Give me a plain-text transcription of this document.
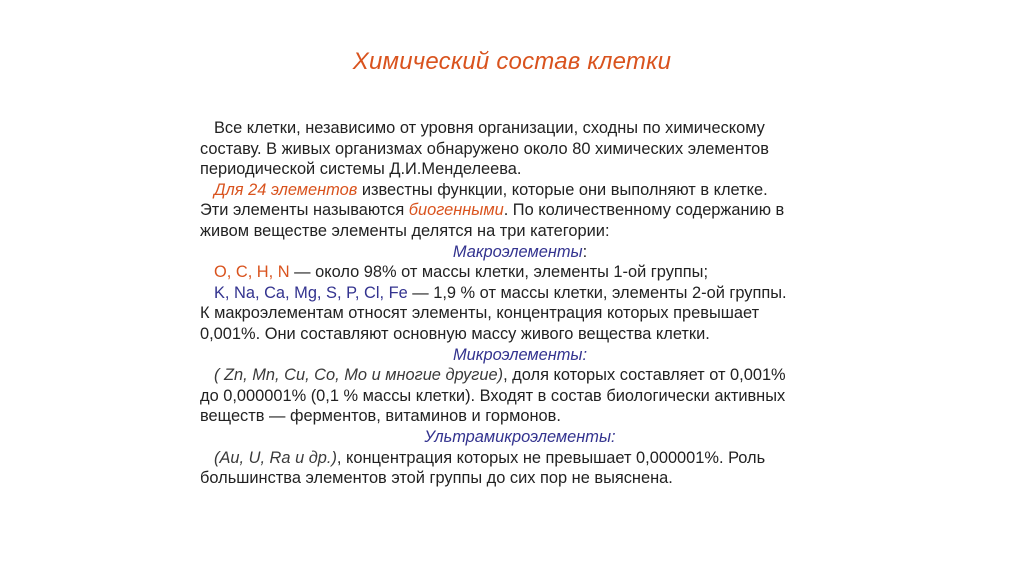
Химический состав клетки
Все клетки, независимо от уровня организации, сходны по химическому
составу. В живых организмах обнаружено около 80 химических элементов
периодической системы Д.И.Менделеева.
Для 24 элементов известны функции, которые они выполняют в клетке.
Эти элементы называются биогенными. По количественному содержанию в
живом веществе элементы делятся на три категории:
Макроэлементы:
O, C, H, N — около 98% от массы клетки, элементы 1-ой группы;
K, Na, Ca, Mg, S, P, Cl, Fe — 1,9 % от массы клетки, элементы 2-ой группы.
К макроэлементам относят элементы, концентрация которых превышает
0,001%. Они составляют основную массу живого вещества клетки.
Микроэлементы:
( Zn, Mn, Cu, Co, Mo и многие другие), доля которых составляет от 0,001%
до 0,000001% (0,1 % массы клетки). Входят в состав биологически активных
веществ — ферментов, витаминов и гормонов.
Ультрамикроэлементы:
(Au, U, Ra и др.), концентрация которых не превышает 0,000001%. Роль
большинства элементов этой группы до сих пор не выяснена.
